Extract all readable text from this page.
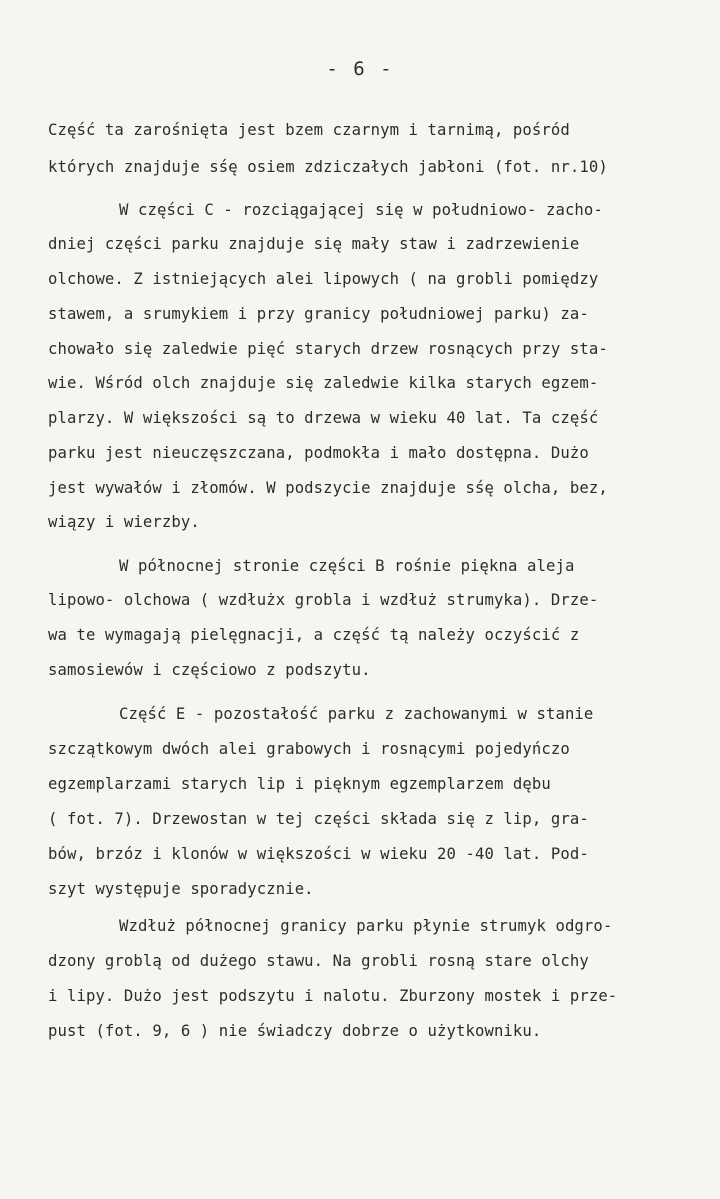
- 6 -
Część ta zarośnięta jest bzem czarnym i tarnimą, pośród
których znajduje sśę osiem zdziczałych jabłoni (fot. nr.10)
W części C - rozciągającej się w południowo- zacho-
dniej części parku znajduje się mały staw i zadrzewienie
olchowe. Z istniejących alei lipowych ( na grobli pomiędzy
stawem, a srumykiem i przy granicy południowej parku) za-
chowało się zaledwie pięć starych drzew rosnących przy sta-
wie. Wśród olch znajduje się zaledwie kilka starych egzem-
plarzy. W większości są to drzewa w wieku 40 lat. Ta część
parku jest nieuczęszczana, podmokła i mało dostępna. Dużo
jest wywałów i złomów. W podszycie znajduje sśę olcha, bez,
wiązy i wierzby.
W północnej stronie części B rośnie piękna aleja
lipowo- olchowa ( wzdłużx grobla i wzdłuż strumyka). Drze-
wa te wymagają pielęgnacji, a część tą należy oczyścić z
samosiewów i częściowo z podszytu.
Część E - pozostałość parku z zachowanymi w stanie
szczątkowym dwóch alei grabowych i rosnącymi pojedyńczo
egzemplarzami starych lip i pięknym egzemplarzem dębu
( fot. 7). Drzewostan w tej części składa się z lip, gra-
bów, brzóz i klonów w większości w wieku 20 -40 lat. Pod-
szyt występuje sporadycznie.
Wzdłuż północnej granicy parku płynie strumyk odgro-
dzony groblą od dużego stawu. Na grobli rosną stare olchy
i lipy. Dużo jest podszytu i nalotu. Zburzony mostek i prze-
pust (fot. 9, 6 ) nie świadczy dobrze o użytkowniku.
